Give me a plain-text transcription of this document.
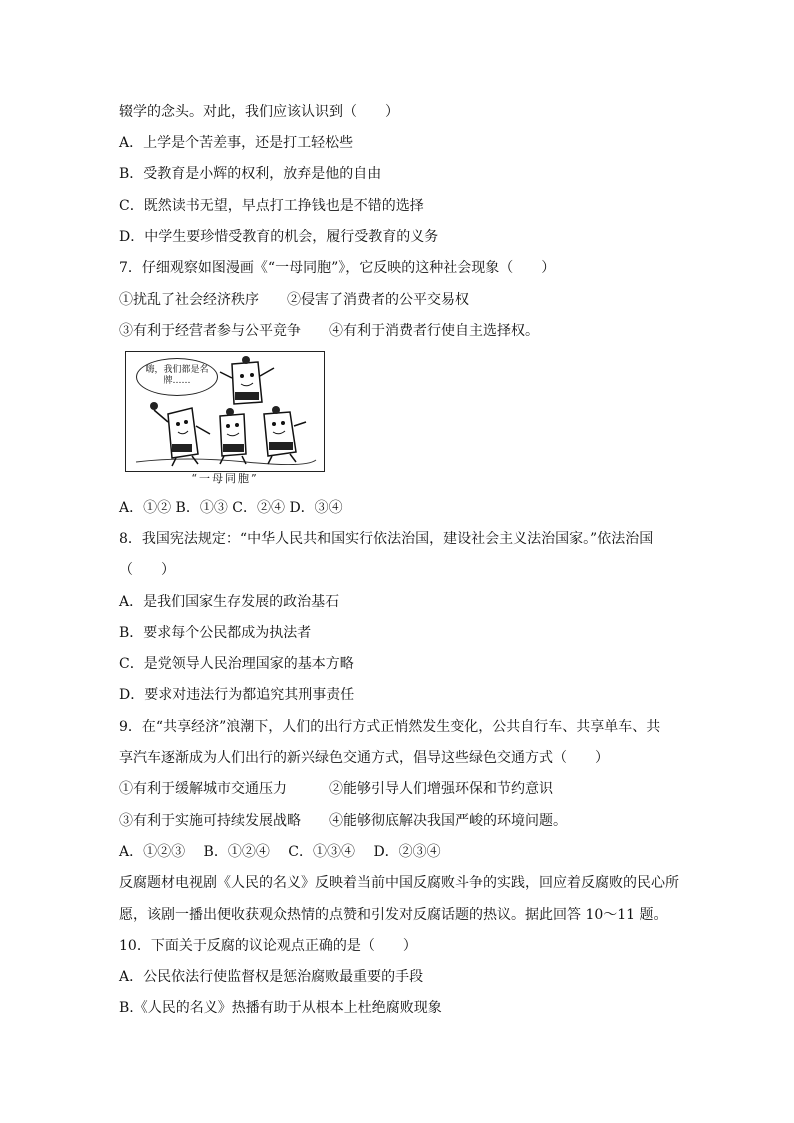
辍学的念头。对此，我们应该认识到（　　）
A．上学是个苦差事，还是打工轻松些
B．受教育是小辉的权利，放弃是他的自由
C．既然读书无望，早点打工挣钱也是不错的选择
D．中学生要珍惜受教育的机会，履行受教育的义务
7．仔细观察如图漫画《“一母同胞”》，它反映的这种社会现象（　　）
①扰乱了社会经济秩序　　②侵害了消费者的公平交易权
③有利于经营者参与公平竞争　　④有利于消费者行使自主选择权。
嗨，我们都是名牌……
“一母同胞”
A．①② B．①③ C．②④ D．③④
8．我国宪法规定：“中华人民共和国实行依法治国，建设社会主义法治国家。”依法治国
（　　）
A．是我们国家生存发展的政治基石
B．要求每个公民都成为执法者
C．是党领导人民治理国家的基本方略
D．要求对违法行为都追究其刑事责任
9．在“共享经济”浪潮下，人们的出行方式正悄然发生变化，公共自行车、共享单车、共
享汽车逐渐成为人们出行的新兴绿色交通方式，倡导这些绿色交通方式（　　）
①有利于缓解城市交通压力　　　②能够引导人们增强环保和节约意识
③有利于实施可持续发展战略　　④能够彻底解决我国严峻的环境问题。
A．①②③　 B．①②④　 C．①③④　 D．②③④
反腐题材电视剧《人民的名义》反映着当前中国反腐败斗争的实践，回应着反腐败的民心所
愿，该剧一播出便收获观众热情的点赞和引发对反腐话题的热议。据此回答 10～11 题。
10．下面关于反腐的议论观点正确的是（　　）
A．公民依法行使监督权是惩治腐败最重要的手段
B.《人民的名义》热播有助于从根本上杜绝腐败现象
